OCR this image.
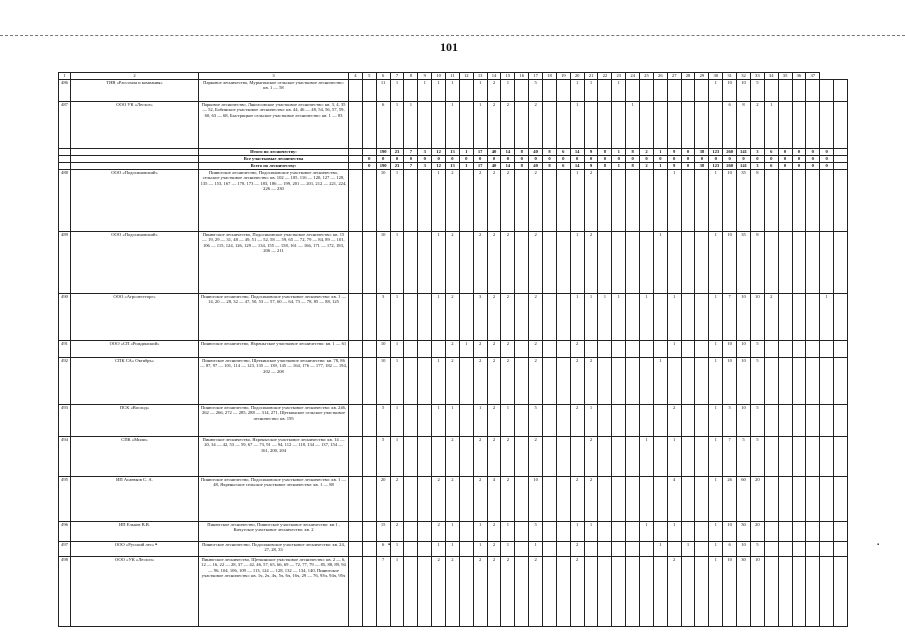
101
1	2	3	4	5	6	7	8	9	10	11	12	13	14	15	16	17	18	19	20	21	22	23	24	25	26	27	28	29	30	31	32	33	34	35	36	37		
486	ТНВ «Рассохин и компания»	Парковое лесничество, Мурыгинское сельское участковое лесничество: кв. 1 — 58			11	1		1	1	1		1	2	1		5			1	1		1							1	10	10	5						
487	ООО УК «Лесхоз»	Парковое лесничество, Лянгасовское участковое лесничество: кв. 3, 4, 35 — 52, Бобинское участковое лесничество: кв. 44, 46 — 48, 54, 56, 57, 59, 60, 63 — 68, Быстрицкое сельское участковое лесничество: кв. 1 — 83			6	1	1			1		1	2	2		2			1				1							6	8	2	1					
		Итого по лесничеству:			190	23	7	3	12	13	1	17	40	14	8	40	8	6	14	9	8	1	8	2	1	9	0	38	123	260	141	3	6	0	0	0	0	
		Все участковые лесничества		0	0	0	0	0	0	0	0	0	0	0	0	0	0	0	0	0	0	0	0	0	0	0	0	0	0	0	0	0	0	0	0	0	0	
		Всего по лесничеству:		0	190	23	7	3	12	13	1	17	40	14	8	40	8	6	14	9	8	1	8	2	1	9	0	38	123	260	141	3	6	0	0	0	0	
488	ООО «Подосиновский»	Пинюгское лесничество, Подосиновское участковое лесничество, сельское участковое лесничество: кв. 102 — 105, 116 — 120, 127 — 128, 135 — 153, 167 — 170, 173 — 183, 186 — 199, 201 — 201, 212 — 221, 224, 226 — 230			10	1			1	2		2	2	2		2			1	2						1			1	10	35	8						
489	ООО «Подосиновский»	Пинюгское лесничество, Подосиновское участковое лесничество: кв. 15 — 19, 29 — 31, 48 — 49, 51 — 52, 58 — 59, 65 — 72, 79 — 84, 89 — 101, 106 — 115, 124, 126, 129 — 134, 155 — 158, 161 — 166, 171 — 172, 183, 206 — 211			10	1			1	2		2	2	2		2			1	2					1				1	10	35	8						
490	ООО «Агролестторг»	Пинюгское лесничество, Подосиновское участковое лесничество: кв. 1 — 14, 20 — 28, 32 — 47, 50, 53 — 57, 60 — 64, 73 — 78, 85 — 88, 125			3	1			1	2		3	2	2		2			1	1	1	1		1		1			1	7	10	10	2				1	
491	ООО «СП «Рождинский»	Пинюгское лесничество, Яхреньгское участковое лесничество: кв. 1 — 61			10	1				2	1	2	2	2		2			2							1			1	10	10	5						
492	СПК СА» Октябрь»	Пинюгское лесничество, Щеткинское участковое лесничество: кв. 78, 86 — 87, 97 — 101, 114 — 123, 135 — 139, 145 — 164, 176 — 177, 182 — 194, 202 — 208			10	1			1	2		2	2	2		2			2	2					1				1	10	10	5						
493	ПСК «Восход»	Пинюгское лесничество, Подосиновское участковое лесничество: кв. 246, 262 — 266, 272 — 285, 288 — 314, 271, Щеткинское сельское участковое лесничество: кв. 195			5	1			1	1		1	2	1		5			2	1						2			1	5	10	5						
494	СПК «Мили»	Пинюгское лесничество, Яхреньгское участковое лесничество: кв. 14 — 20, 34 — 42, 53 — 59, 67 — 73, 91 — 94, 112 — 118, 134 — 137, 154 — 161, 200, 204			5	1				2		2	2	2		2				2				1		1			1	7	5	5						
495	ИП Асаевков С. А.	Пинюгское лесничество, Подосиновское участковое лесничество: кв. 1 — 48, Яхреньгское сельское участковое лесничество: кв. 1 — 88			20	2			2	2		2	4	2		10			2	2						4			1	26	60	20						
496	ИП Ельков В.В.	Пинюгское лесничество, Пинюгское участковое лесничество: кв.1 , Кичугское участковое лесничество: кв. 2			15	2			2	1		1	2	1		5			1	1				1		1			1	10	30	20						
497	ООО «Русский лес»	Пинюгское лесничество, Подосиновское участковое лесничество: кв. 24, 27, 28, 33			6	1			1	1		1	2	1		1			2						1		1		1	6	10	5						
498	ООО «УК «Лесхоз»	Пинюгское лесничество, Щеткинское участковое лесничество: кв. 2 — 6, 12 — 16, 22 — 28, 37 — 42, 46, 57, 65, 66, 69 — 72, 77, 79 — 85, 88, 89, 94 — 96, 104, 106, 109 — 113, 124 — 128, 132 — 134, 140, Пинюгское участковое лесничество: кв. 1ч, 2ч, 4ч, 5ч, 6ч, 16ч, 29 — 76, 93ч, 94ч, 95ч			7	1			2	2		2	2	2		2			2							2			1	10	30	10						
▪	▪	▪
